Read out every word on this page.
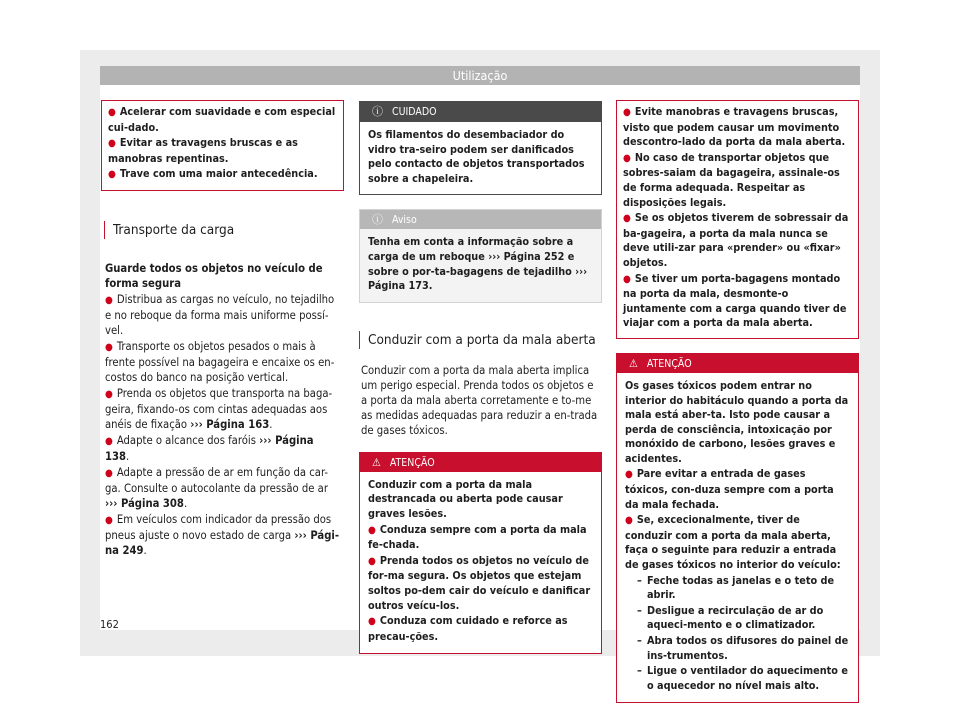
Utilização

● Acelerar com suavidade e com especial cui-dado.

● Evitar as travagens bruscas e as manobras repentinas.

● Trave com uma maior antecedência.

Transporte da carga

Guarde todos os objetos no veículo de forma segura

● Distribua as cargas no veículo, no tejadilho e no reboque da forma mais uniforme possí-vel.

● Transporte os objetos pesados o mais à frente possível na bagageira e encaixe os en-costos do banco na posição vertical.

● Prenda os objetos que transporta na baga-geira, fixando-os com cintas adequadas aos anéis de fixação ››› Página 163.

● Adapte o alcance dos faróis ››› Página 138.

● Adapte a pressão de ar em função da car-ga. Consulte o autocolante da pressão de ar ››› Página 308.

● Em veículos com indicador da pressão dos pneus ajuste o novo estado de carga ››› Pági-na 249.

ⓘ CUIDADO
Os filamentos do desembaciador do vidro tra-seiro podem ser danificados pelo contacto de objetos transportados sobre a chapeleira.
ⓘ Aviso
Tenha em conta a informação sobre a carga de um reboque ››› Página 252 e sobre o por-ta-bagagens de tejadilho ››› Página 173.
Conduzir com a porta da mala aberta

Conduzir com a porta da mala aberta implica um perigo especial. Prenda todos os objetos e a porta da mala aberta corretamente e to-me as medidas adequadas para reduzir a en-trada de gases tóxicos.

⚠ ATENÇÃO

Conduzir com a porta da mala destrancada ou aberta pode causar graves lesões.

● Conduza sempre com a porta da mala fe-chada.

● Prenda todos os objetos no veículo de for-ma segura. Os objetos que estejam soltos po-dem cair do veículo e danificar outros veícu-los.

● Conduza com cuidado e reforce as precau-ções.

● Evite manobras e travagens bruscas, visto que podem causar um movimento descontro-lado da porta da mala aberta.

● No caso de transportar objetos que sobres-saiam da bagageira, assinale-os de forma adequada. Respeitar as disposições legais.

● Se os objetos tiverem de sobressair da ba-gageira, a porta da mala nunca se deve utili-zar para «prender» ou «fixar» objetos.

● Se tiver um porta-bagagens montado na porta da mala, desmonte-o juntamente com a carga quando tiver de viajar com a porta da mala aberta.

⚠ ATENÇÃO

Os gases tóxicos podem entrar no interior do habitáculo quando a porta da mala está aber-ta. Isto pode causar a perda de consciência, intoxicação por monóxido de carbono, lesões graves e acidentes.

● Pare evitar a entrada de gases tóxicos, con-duza sempre com a porta da mala fechada.

● Se, excecionalmente, tiver de conduzir com a porta da mala aberta, faça o seguinte para reduzir a entrada de gases tóxicos no interior do veículo:

– Feche todas as janelas e o teto de abrir.

– Desligue a recirculação de ar do aqueci-mento e o climatizador.

– Abra todos os difusores do painel de ins-trumentos.

– Ligue o ventilador do aquecimento e o aquecedor no nível mais alto.

162
